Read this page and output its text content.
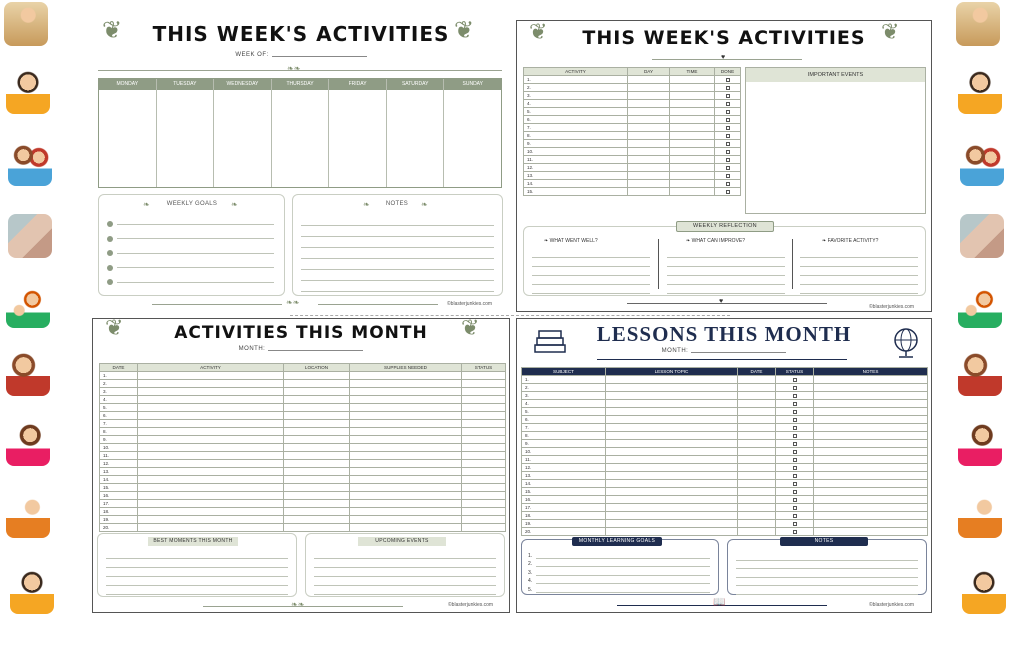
❦	❦
THIS WEEK'S ACTIVITIES
WEEK OF:
❧❧
MONDAY	TUESDAY	WEDNESDAY	THURSDAY	FRIDAY	SATURDAY	SUNDAY
❧	WEEKLY GOALS	❧	❧	NOTES	❧
❧❧	©blasterjunkies.com
❦	❦
THIS WEEK'S ACTIVITIES
♥
ACTIVITY	DAY	TIME	DONE
1.			
2.			
3.			
4.			
5.			
6.			
7.			
8.			
9.			
10.			
11.			
12.			
13.			
14.			
15.			
IMPORTANT EVENTS
WEEKLY REFLECTION
❧ WHAT WENT WELL?	❧ WHAT CAN IMPROVE?	❧ FAVORITE ACTIVITY?
♥
©blasterjunkies.com
❦	❦
ACTIVITIES THIS MONTH
MONTH:
DATE	ACTIVITY	LOCATION	SUPPLIES NEEDED	STATUS
1.				
2.				
3.				
4.				
5.				
6.				
7.				
8.				
9.				
10.				
11.				
12.				
13.				
14.				
15.				
16.				
17.				
18.				
19.				
20.				
BEST MOMENTS THIS MONTH	UPCOMING EVENTS
❧❧	©blasterjunkies.com
LESSONS THIS MONTH
MONTH:
SUBJECT	LESSON TOPIC	DATE	STATUS	NOTES
1.				
2.				
3.				
4.				
5.				
6.				
7.				
8.				
9.				
10.				
11.				
12.				
13.				
14.				
15.				
16.				
17.				
18.				
19.				
20.				
MONTHLY LEARNING GOALS
1.
2.
3.
4.
5.
NOTES
📖	©blasterjunkies.com
